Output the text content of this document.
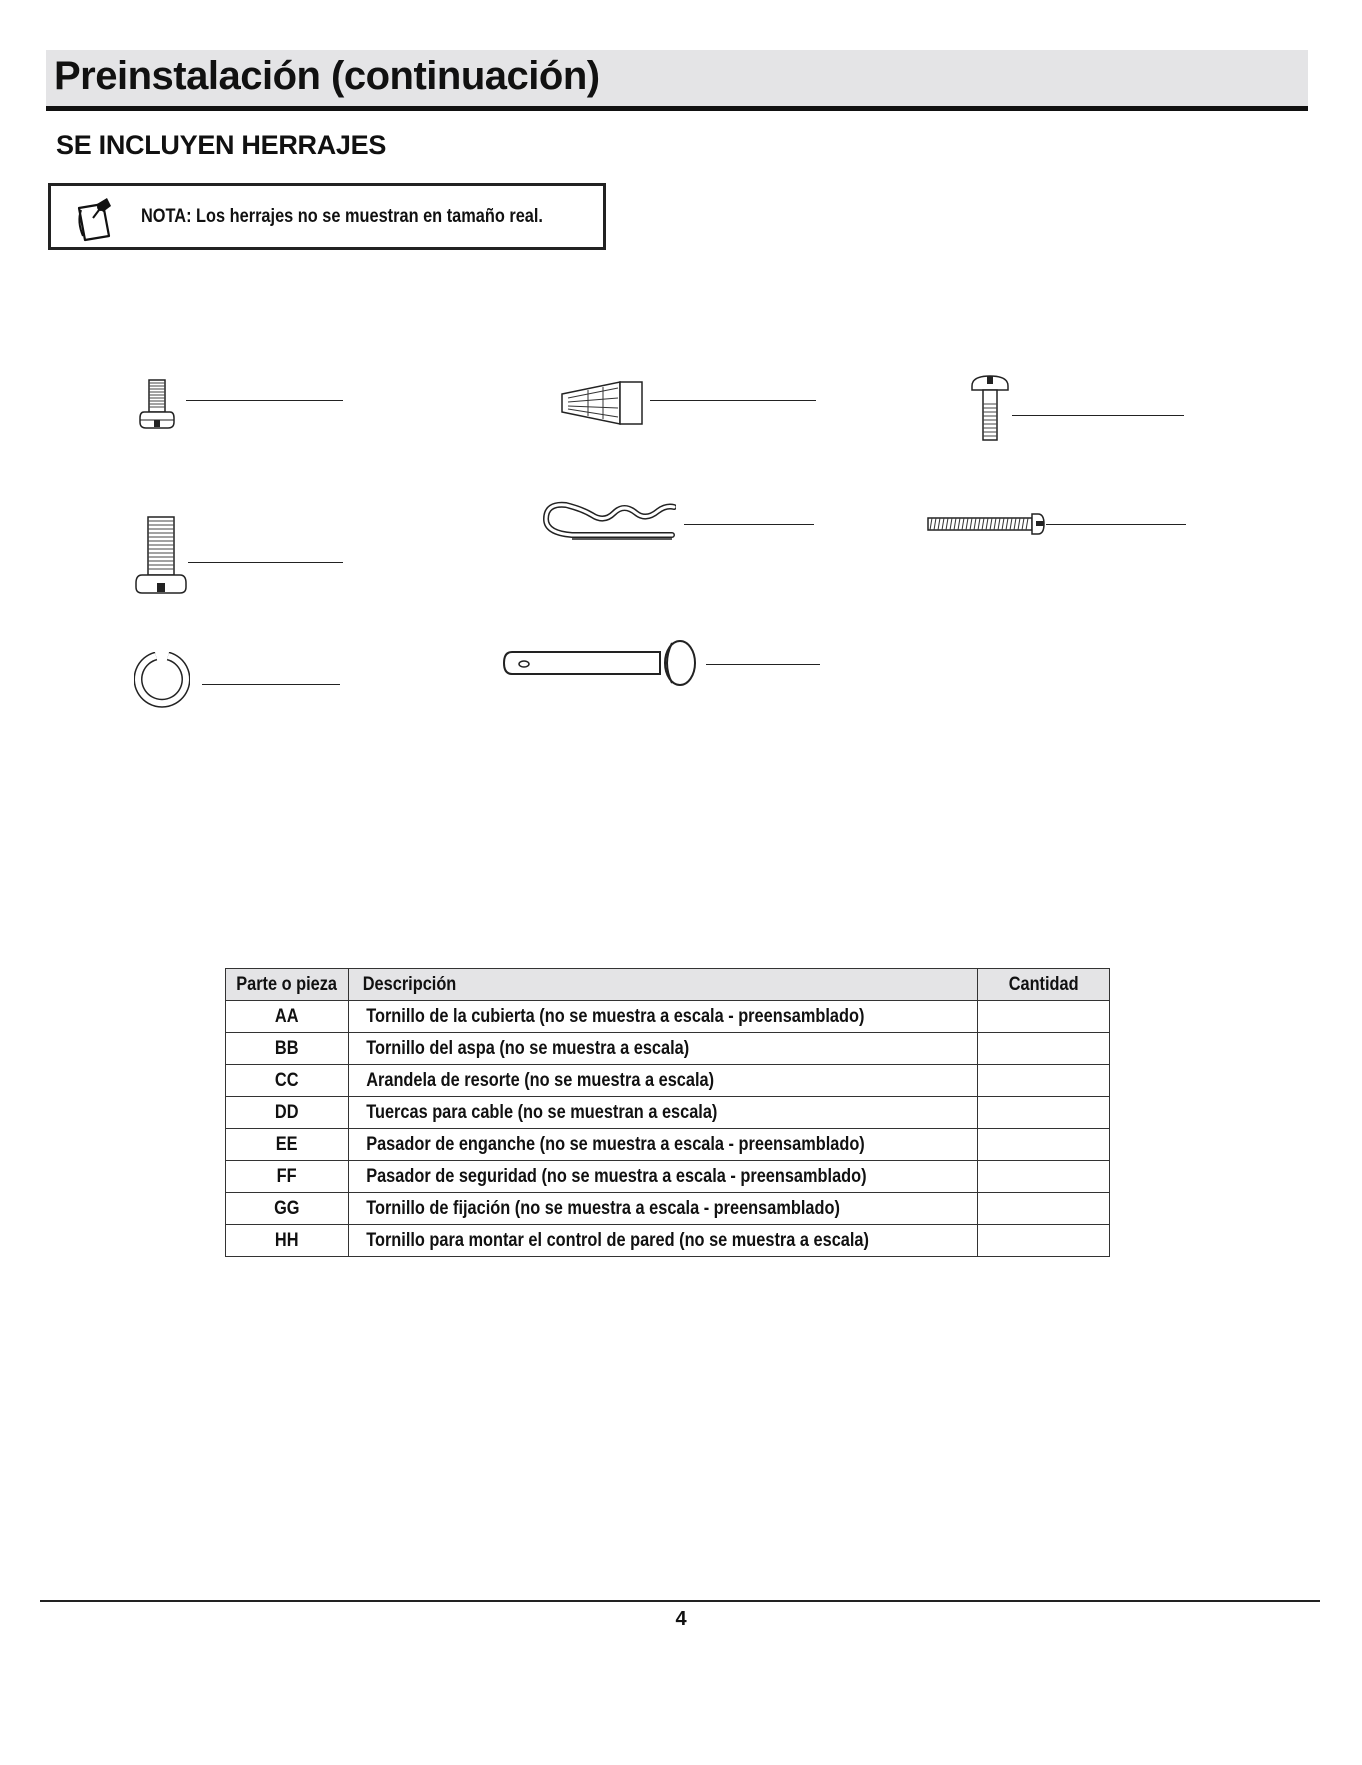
Preinstalación (continuación)
SE INCLUYEN HERRAJES
NOTA: Los herrajes no se muestran en tamaño real.
Parte o pieza	Descripción	Cantidad
AA	Tornillo de la cubierta (no se muestra a escala - preensamblado)	
BB	Tornillo del aspa (no se muestra a escala)	
CC	Arandela de resorte (no se muestra a escala)	
DD	Tuercas para cable (no se muestran a escala)	
EE	Pasador de enganche (no se muestra a escala - preensamblado)	
FF	Pasador de seguridad (no se muestra a escala - preensamblado)	
GG	Tornillo de fijación (no se muestra a escala - preensamblado)	
HH	Tornillo para montar el control de pared (no se muestra a escala)	
4
